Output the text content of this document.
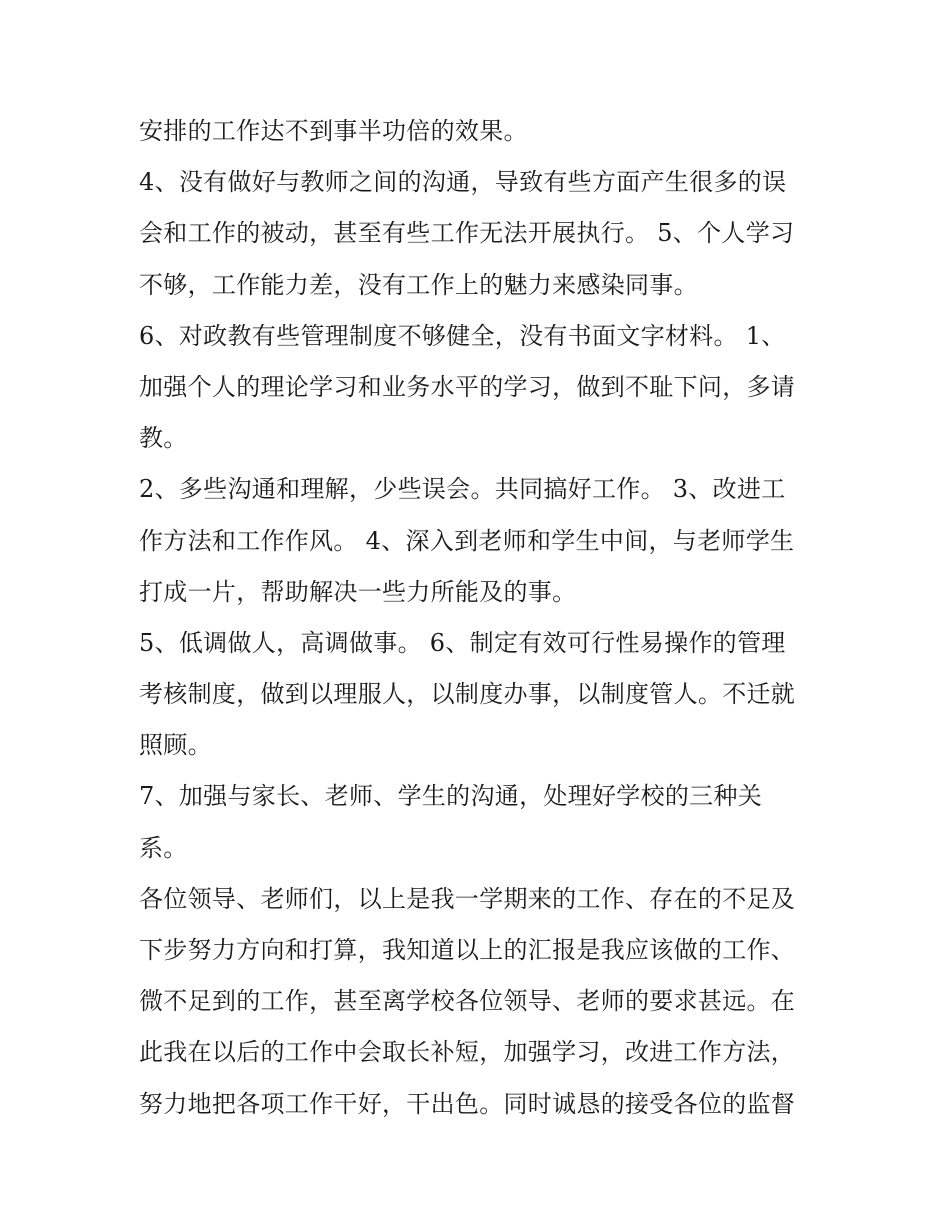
安排的工作达不到事半功倍的效果。
4、没有做好与教师之间的沟通，导致有些方面产生很多的误
会和工作的被动，甚至有些工作无法开展执行。 5、个人学习
不够，工作能力差，没有工作上的魅力来感染同事。
6、对政教有些管理制度不够健全，没有书面文字材料。 1、
加强个人的理论学习和业务水平的学习，做到不耻下问，多请
教。
2、多些沟通和理解，少些误会。共同搞好工作。 3、改进工
作方法和工作作风。 4、深入到老师和学生中间，与老师学生
打成一片，帮助解决一些力所能及的事。
5、低调做人，高调做事。 6、制定有效可行性易操作的管理
考核制度，做到以理服人，以制度办事，以制度管人。不迁就
照顾。
7、加强与家长、老师、学生的沟通，处理好学校的三种关
系。
各位领导、老师们，以上是我一学期来的工作、存在的不足及
下步努力方向和打算，我知道以上的汇报是我应该做的工作、
微不足到的工作，甚至离学校各位领导、老师的要求甚远。在
此我在以后的工作中会取长补短，加强学习，改进工作方法，
努力地把各项工作干好，干出色。同时诚恳的接受各位的监督
